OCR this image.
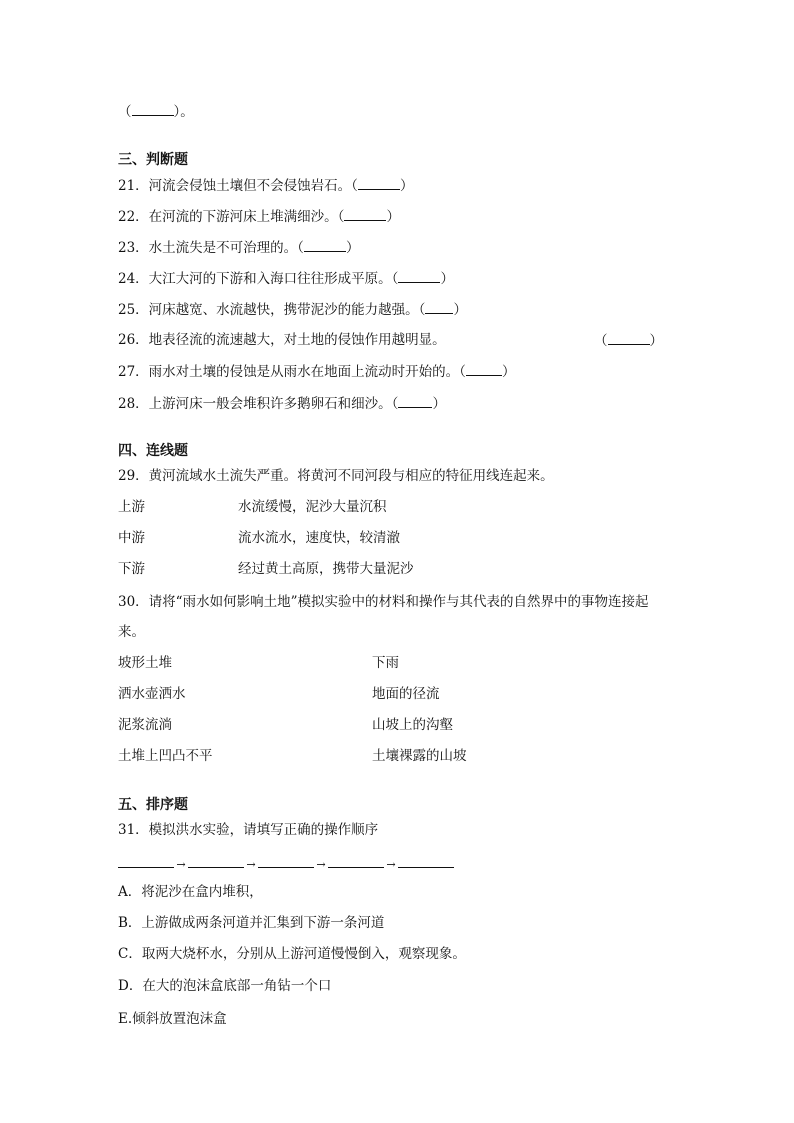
（	）。
三、判断题
21．河流会侵蚀土壤但不会侵蚀岩石。（	）
22．在河流的下游河床上堆满细沙。（	）
23．水土流失是不可治理的。（	）
24．大江大河的下游和入海口往往形成平原。（	）
25．河床越宽、水流越快，携带泥沙的能力越强。（ ）
26．地表径流的流速越大，对土地的侵蚀作用越明显。	（	）
27．雨水对土壤的侵蚀是从雨水在地面上流动时开始的。（	）
28．上游河床一般会堆积许多鹅卵石和细沙。（	）
四、连线题
29．黄河流域水土流失严重。将黄河不同河段与相应的特征用线连起来。
上游	水流缓慢，泥沙大量沉积
中游	流水流水，速度快，较清澈
下游	经过黄土高原，携带大量泥沙
30．请将“雨水如何影响土地”模拟实验中的材料和操作与其代表的自然界中的事物连接起
来。
坡形土堆	下雨
洒水壶洒水	地面的径流
泥浆流淌	山坡上的沟壑
土堆上凹凸不平	土壤裸露的山坡
五、排序题
31．模拟洪水实验，请填写正确的操作顺序
→	→	→	→
A．将泥沙在盒内堆积，
B．上游做成两条河道并汇集到下游一条河道
C．取两大烧杯水，分别从上游河道慢慢倒入，观察现象。
D．在大的泡沫盒底部一角钻一个口
E.倾斜放置泡沫盒
